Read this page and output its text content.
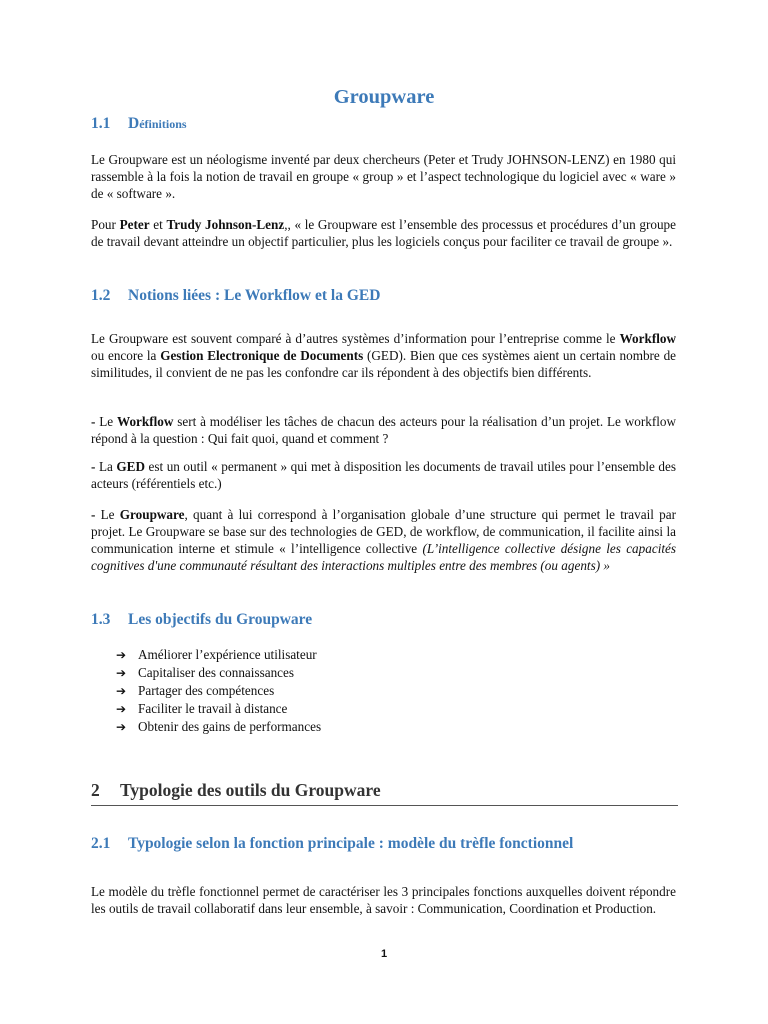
Groupware
1.1 Définitions

Le Groupware est un néologisme inventé par deux chercheurs (Peter et Trudy JOHNSON-LENZ) en 1980 qui rassemble à la fois la notion de travail en groupe « group » et l’aspect technologique du logiciel avec « ware » de « software ».

Pour Peter et Trudy Johnson-Lenz,, « le Groupware est l’ensemble des processus et procédures d’un groupe de travail devant atteindre un objectif particulier, plus les logiciels conçus pour faciliter ce travail de groupe ».

1.2 Notions liées : Le Workflow et la GED

Le Groupware est souvent comparé à d’autres systèmes d’information pour l’entreprise comme le Workflow ou encore la Gestion Electronique de Documents (GED). Bien que ces systèmes aient un certain nombre de similitudes, il convient de ne pas les confondre car ils répondent à des objectifs bien différents.

- Le Workflow sert à modéliser les tâches de chacun des acteurs pour la réalisation d’un projet. Le workflow répond à la question : Qui fait quoi, quand et comment ?

- La GED est un outil « permanent » qui met à disposition les documents de travail utiles pour l’ensemble des acteurs (référentiels etc.)

- Le Groupware, quant à lui correspond à l’organisation globale d’une structure qui permet le travail par projet. Le Groupware se base sur des technologies de GED, de workflow, de communication, il facilite ainsi la communication interne et stimule « l’intelligence collective (L’intelligence collective désigne les capacités cognitives d'une communauté résultant des interactions multiples entre des membres (ou agents) »

1.3 Les objectifs du Groupware
➔ Améliorer l’expérience utilisateur
➔ Capitaliser des connaissances
➔ Partager des compétences
➔ Faciliter le travail à distance
➔ Obtenir des gains de performances
2 Typologie des outils du Groupware
2.1 Typologie selon la fonction principale : modèle du trèfle fonctionnel

Le modèle du trèfle fonctionnel permet de caractériser les 3 principales fonctions auxquelles doivent répondre les outils de travail collaboratif dans leur ensemble, à savoir : Communication, Coordination et Production.

1
